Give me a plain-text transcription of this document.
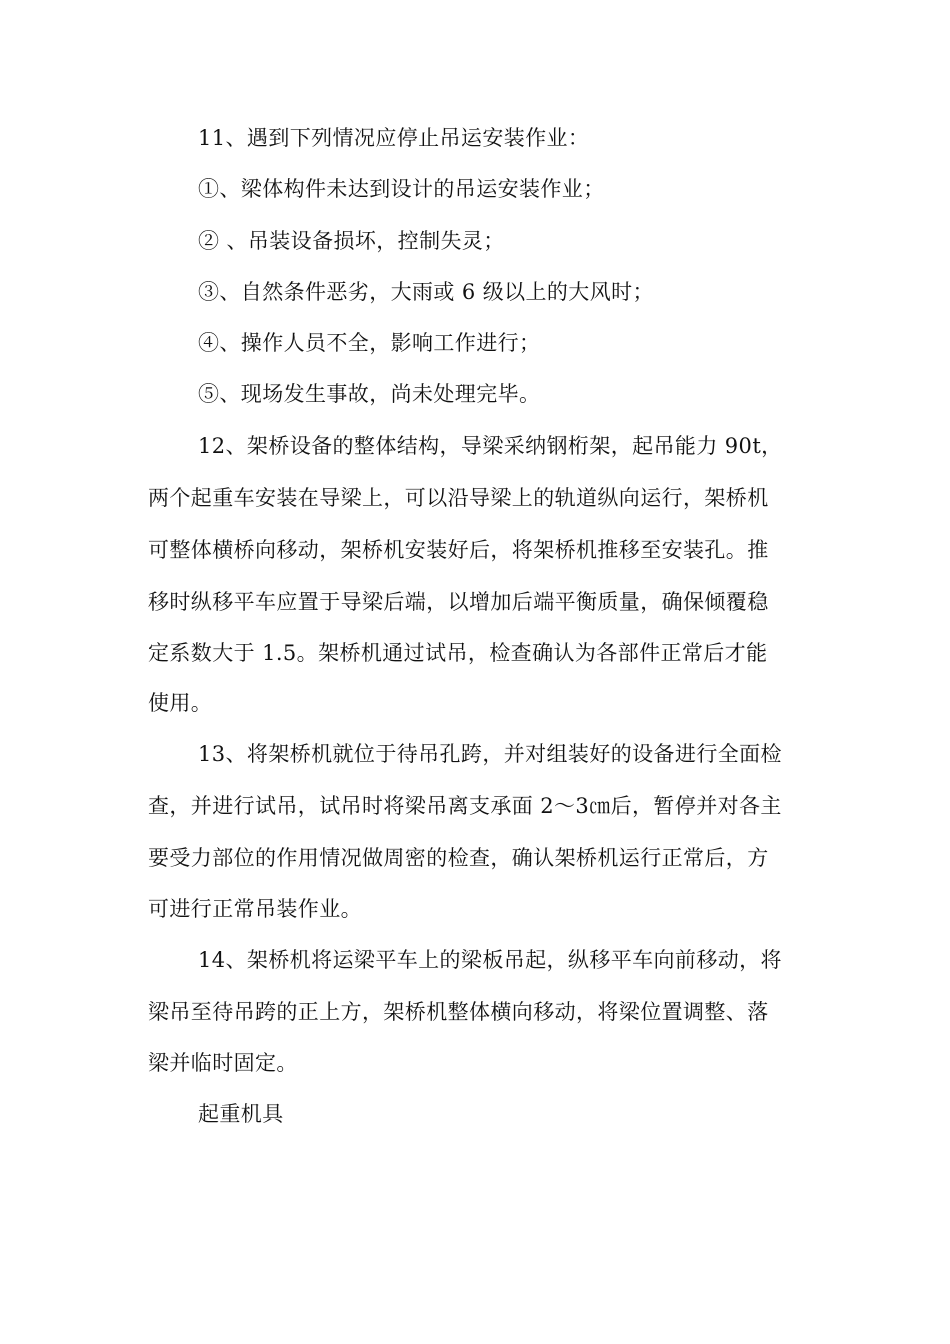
11、遇到下列情况应停止吊运安装作业：
①、梁体构件未达到设计的吊运安装作业；
② 、吊装设备损坏，控制失灵；
③、自然条件恶劣，大雨或 6 级以上的大风时；
④、操作人员不全，影响工作进行；
⑤、现场发生事故，尚未处理完毕。
12、架桥设备的整体结构，导梁采纳钢桁架，起吊能力 90t，
两个起重车安装在导梁上，可以沿导梁上的轨道纵向运行，架桥机
可整体横桥向移动，架桥机安装好后，将架桥机推移至安装孔。推
移时纵移平车应置于导梁后端，以增加后端平衡质量，确保倾覆稳
定系数大于 1.5。架桥机通过试吊，检查确认为各部件正常后才能
使用。
13、将架桥机就位于待吊孔跨，并对组装好的设备进行全面检
查，并进行试吊，试吊时将梁吊离支承面 2～3㎝后，暂停并对各主
要受力部位的作用情况做周密的检查，确认架桥机运行正常后，方
可进行正常吊装作业。
14、架桥机将运梁平车上的梁板吊起，纵移平车向前移动，将
梁吊至待吊跨的正上方，架桥机整体横向移动，将梁位置调整、落
梁并临时固定。
起重机具
